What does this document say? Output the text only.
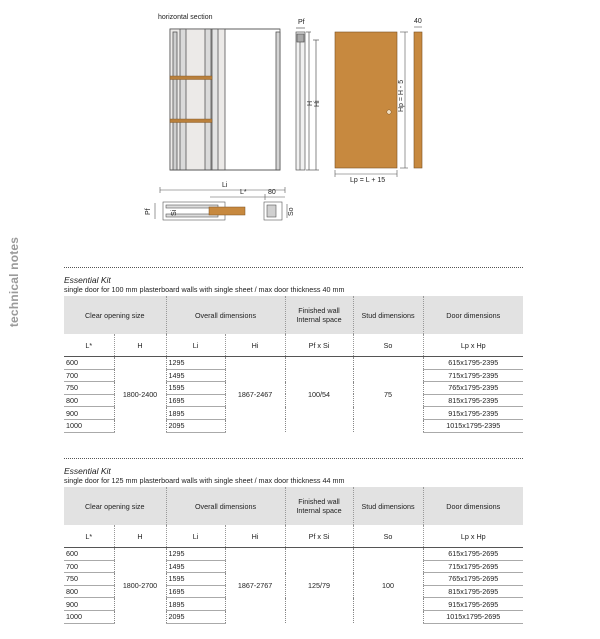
technical notes
horizontal section
Pf
H Hi	Hp = H - 5
Lp = L + 15
40
Li
L*	80
Pf	Si	So
Essential Kit
single door for 100 mm plasterboard walls with single sheet / max door thickness 40 mm
Clear opening size		Overall dimensions		Finished wall
Internal space	Stud dimensions	Door dimensions
L*	H	Li	Hi	Pf x Si	So	Lp x Hp
600	1800-2400	1295	1867-2467	100/54	75	615x1795-2395
700		1495				715x1795-2395
750		1595				765x1795-2395
800		1695				815x1795-2395
900		1895				915x1795-2395
1000		2095				1015x1795-2395
Essential Kit
single door for 125 mm plasterboard walls with single sheet / max door thickness 44 mm
Clear opening size		Overall dimensions		Finished wall
Internal space	Stud dimensions	Door dimensions
L*	H	Li	Hi	Pf x Si	So	Lp x Hp
600	1800-2700	1295	1867-2767	125/79	100	615x1795-2695
700		1495				715x1795-2695
750		1595				765x1795-2695
800		1695				815x1795-2695
900		1895				915x1795-2695
1000		2095				1015x1795-2695
